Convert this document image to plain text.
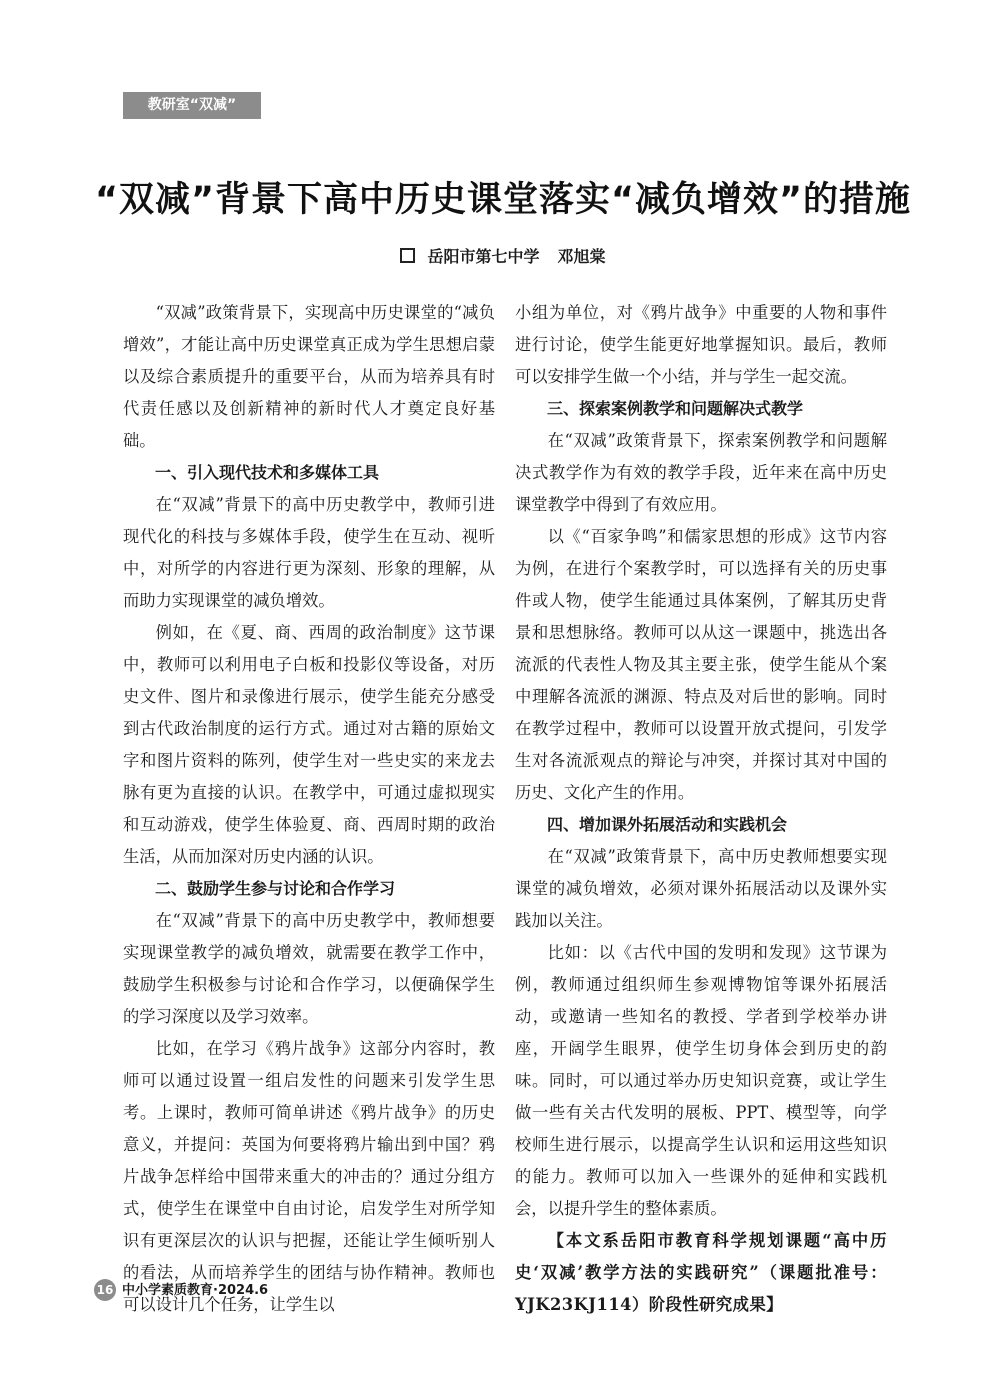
教研室“双减”
“双减”背景下高中历史课堂落实“减负增效”的措施
岳阳市第七中学 邓旭棠

“双减”政策背景下，实现高中历史课堂的“减负增效”，才能让高中历史课堂真正成为学生思想启蒙以及综合素质提升的重要平台，从而为培养具有时代责任感以及创新精神的新时代人才奠定良好基础。

一、引入现代技术和多媒体工具

在“双减”背景下的高中历史教学中，教师引进现代化的科技与多媒体手段，使学生在互动、视听中，对所学的内容进行更为深刻、形象的理解，从而助力实现课堂的减负增效。

例如，在《夏、商、西周的政治制度》这节课中，教师可以利用电子白板和投影仪等设备，对历史文件、图片和录像进行展示，使学生能充分感受到古代政治制度的运行方式。通过对古籍的原始文字和图片资料的陈列，使学生对一些史实的来龙去脉有更为直接的认识。在教学中，可通过虚拟现实和互动游戏，使学生体验夏、商、西周时期的政治生活，从而加深对历史内涵的认识。

二、鼓励学生参与讨论和合作学习

在“双减”背景下的高中历史教学中，教师想要实现课堂教学的减负增效，就需要在教学工作中，鼓励学生积极参与讨论和合作学习，以便确保学生的学习深度以及学习效率。

比如，在学习《鸦片战争》这部分内容时，教师可以通过设置一组启发性的问题来引发学生思考。上课时，教师可简单讲述《鸦片战争》的历史意义，并提问：英国为何要将鸦片输出到中国？鸦片战争怎样给中国带来重大的冲击的？通过分组方式，使学生在课堂中自由讨论，启发学生对所学知识有更深层次的认识与把握，还能让学生倾听别人的看法，从而培养学生的团结与协作精神。教师也可以设计几个任务，让学生以

小组为单位，对《鸦片战争》中重要的人物和事件进行讨论，使学生能更好地掌握知识。最后，教师可以安排学生做一个小结，并与学生一起交流。

三、探索案例教学和问题解决式教学

在“双减”政策背景下，探索案例教学和问题解决式教学作为有效的教学手段，近年来在高中历史课堂教学中得到了有效应用。

以《“百家争鸣”和儒家思想的形成》这节内容为例，在进行个案教学时，可以选择有关的历史事件或人物，使学生能通过具体案例，了解其历史背景和思想脉络。教师可以从这一课题中，挑选出各流派的代表性人物及其主要主张，使学生能从个案中理解各流派的渊源、特点及对后世的影响。同时在教学过程中，教师可以设置开放式提问，引发学生对各流派观点的辩论与冲突，并探讨其对中国的历史、文化产生的作用。

四、增加课外拓展活动和实践机会

在“双减”政策背景下，高中历史教师想要实现课堂的减负增效，必须对课外拓展活动以及课外实践加以关注。

比如：以《古代中国的发明和发现》这节课为例，教师通过组织师生参观博物馆等课外拓展活动，或邀请一些知名的教授、学者到学校举办讲座，开阔学生眼界，使学生切身体会到历史的韵味。同时，可以通过举办历史知识竞赛，或让学生做一些有关古代发明的展板、PPT、模型等，向学校师生进行展示，以提高学生认识和运用这些知识的能力。教师可以加入一些课外的延伸和实践机会，以提升学生的整体素质。

【本文系岳阳市教育科学规划课题“高中历史‘双减’教学方法的实践研究”（课题批准号：YJK23KJ114）阶段性研究成果】

16 中小学素质教育·2024.6
